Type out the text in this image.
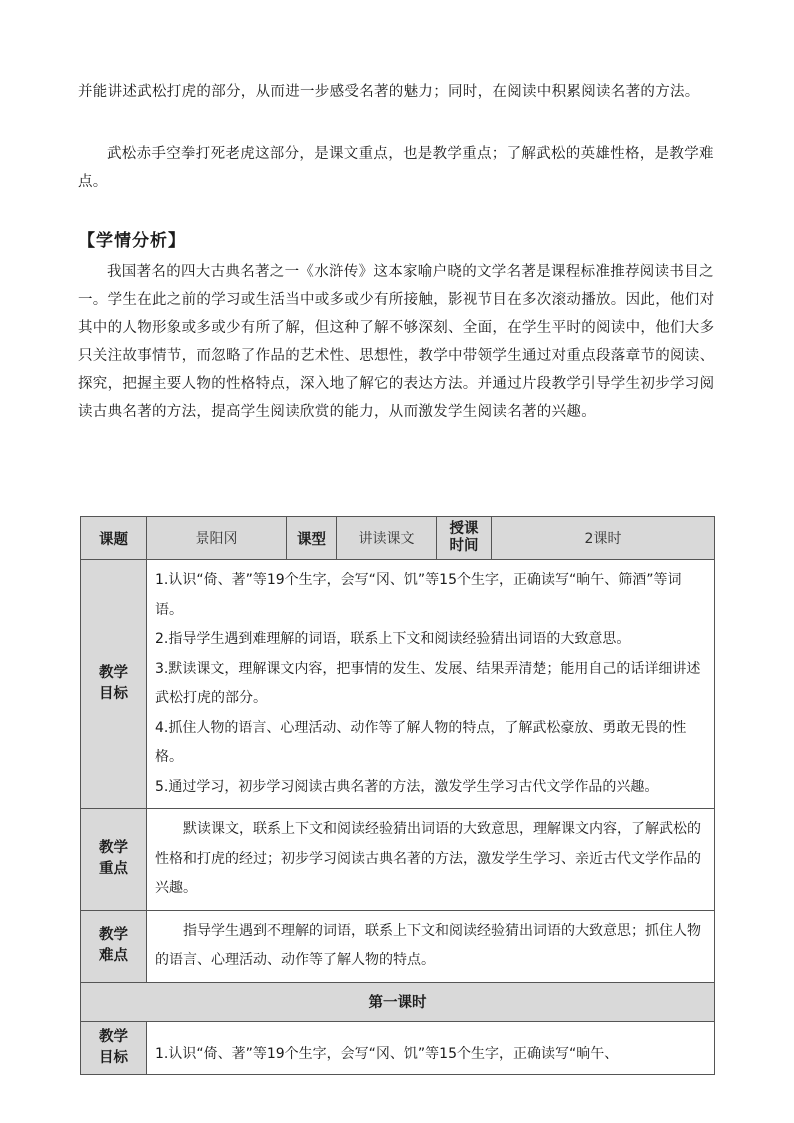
并能讲述武松打虎的部分，从而进一步感受名著的魅力；同时，在阅读中积累阅读名著的方法。

武松赤手空拳打死老虎这部分，是课文重点，也是教学重点；了解武松的英雄性格，是教学难点。

【学情分析】

我国著名的四大古典名著之一《水浒传》这本家喻户晓的文学名著是课程标准推荐阅读书目之一。学生在此之前的学习或生活当中或多或少有所接触，影视节目在多次滚动播放。因此，他们对其中的人物形象或多或少有所了解，但这种了解不够深刻、全面，在学生平时的阅读中，他们大多只关注故事情节，而忽略了作品的艺术性、思想性，教学中带领学生通过对重点段落章节的阅读、探究，把握主要人物的性格特点，深入地了解它的表达方法。并通过片段教学引导学生初步学习阅读古典名著的方法，提高学生阅读欣赏的能力，从而激发学生阅读名著的兴趣。

课题	景阳冈	课型	讲读课文	授课
时间	2课时
教学
目标	1.认识“倚、著”等19个生字，会写“冈、饥”等15个生字，正确读写“晌午、筛酒”等词语。
2.指导学生遇到难理解的词语，联系上下文和阅读经验猜出词语的大致意思。
3.默读课文，理解课文内容，把事情的发生、发展、结果弄清楚；能用自己的话详细讲述武松打虎的部分。
4.抓住人物的语言、心理活动、动作等了解人物的特点，了解武松豪放、勇敢无畏的性格。
5.通过学习，初步学习阅读古典名著的方法，激发学生学习古代文学作品的兴趣。				

教学
重点	默读课文，联系上下文和阅读经验猜出词语的大致意思，理解课文内容，了解武松的性格和打虎的经过；初步学习阅读古典名著的方法，激发学生学习、亲近古代文学作品的兴趣。				

教学
难点	指导学生遇到不理解的词语，联系上下文和阅读经验猜出词语的大致意思；抓住人物的语言、心理活动、动作等了解人物的特点。				

第一课时					
教学
目标	1.认识“倚、著”等19个生字，会写“冈、饥”等15个生字，正确读写“晌午、				
